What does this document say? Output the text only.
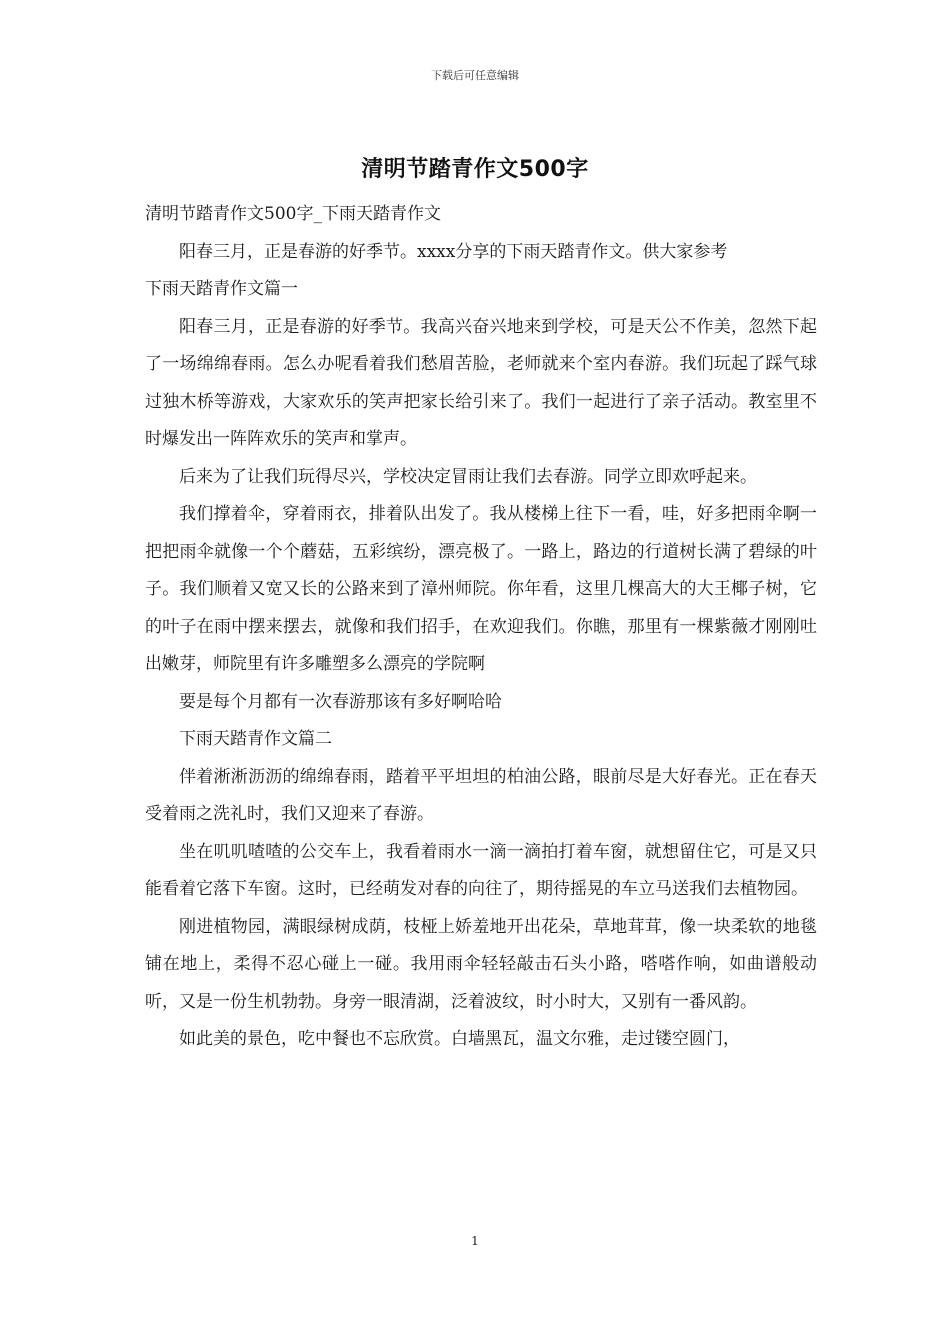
下载后可任意编辑
清明节踏青作文500字

清明节踏青作文500字_下雨天踏青作文

阳春三月，正是春游的好季节。xxxx分享的下雨天踏青作文。供大家参考

下雨天踏青作文篇一

阳春三月，正是春游的好季节。我高兴奋兴地来到学校，可是天公不作美，忽然下起了一场绵绵春雨。怎么办呢看着我们愁眉苦脸，老师就来个室内春游。我们玩起了踩气球过独木桥等游戏，大家欢乐的笑声把家长给引来了。我们一起进行了亲子活动。教室里不时爆发出一阵阵欢乐的笑声和掌声。

后来为了让我们玩得尽兴，学校决定冒雨让我们去春游。同学立即欢呼起来。

我们撑着伞，穿着雨衣，排着队出发了。我从楼梯上往下一看，哇，好多把雨伞啊一把把雨伞就像一个个蘑菇，五彩缤纷，漂亮极了。一路上，路边的行道树长满了碧绿的叶子。我们顺着又宽又长的公路来到了漳州师院。你年看，这里几棵高大的大王椰子树，它的叶子在雨中摆来摆去，就像和我们招手，在欢迎我们。你瞧，那里有一棵紫薇才刚刚吐出嫩芽，师院里有许多雕塑多么漂亮的学院啊

要是每个月都有一次春游那该有多好啊哈哈

下雨天踏青作文篇二

伴着淅淅沥沥的绵绵春雨，踏着平平坦坦的柏油公路，眼前尽是大好春光。正在春天受着雨之洗礼时，我们又迎来了春游。

坐在叽叽喳喳的公交车上，我看着雨水一滴一滴拍打着车窗，就想留住它，可是又只能看着它落下车窗。这时，已经萌发对春的向往了，期待摇晃的车立马送我们去植物园。

刚进植物园，满眼绿树成荫，枝桠上娇羞地开出花朵，草地茸茸，像一块柔软的地毯铺在地上，柔得不忍心碰上一碰。我用雨伞轻轻敲击石头小路，嗒嗒作响，如曲谱般动听，又是一份生机勃勃。身旁一眼清湖，泛着波纹，时小时大，又别有一番风韵。

如此美的景色，吃中餐也不忘欣赏。白墙黑瓦，温文尔雅，走过镂空圆门，

1
